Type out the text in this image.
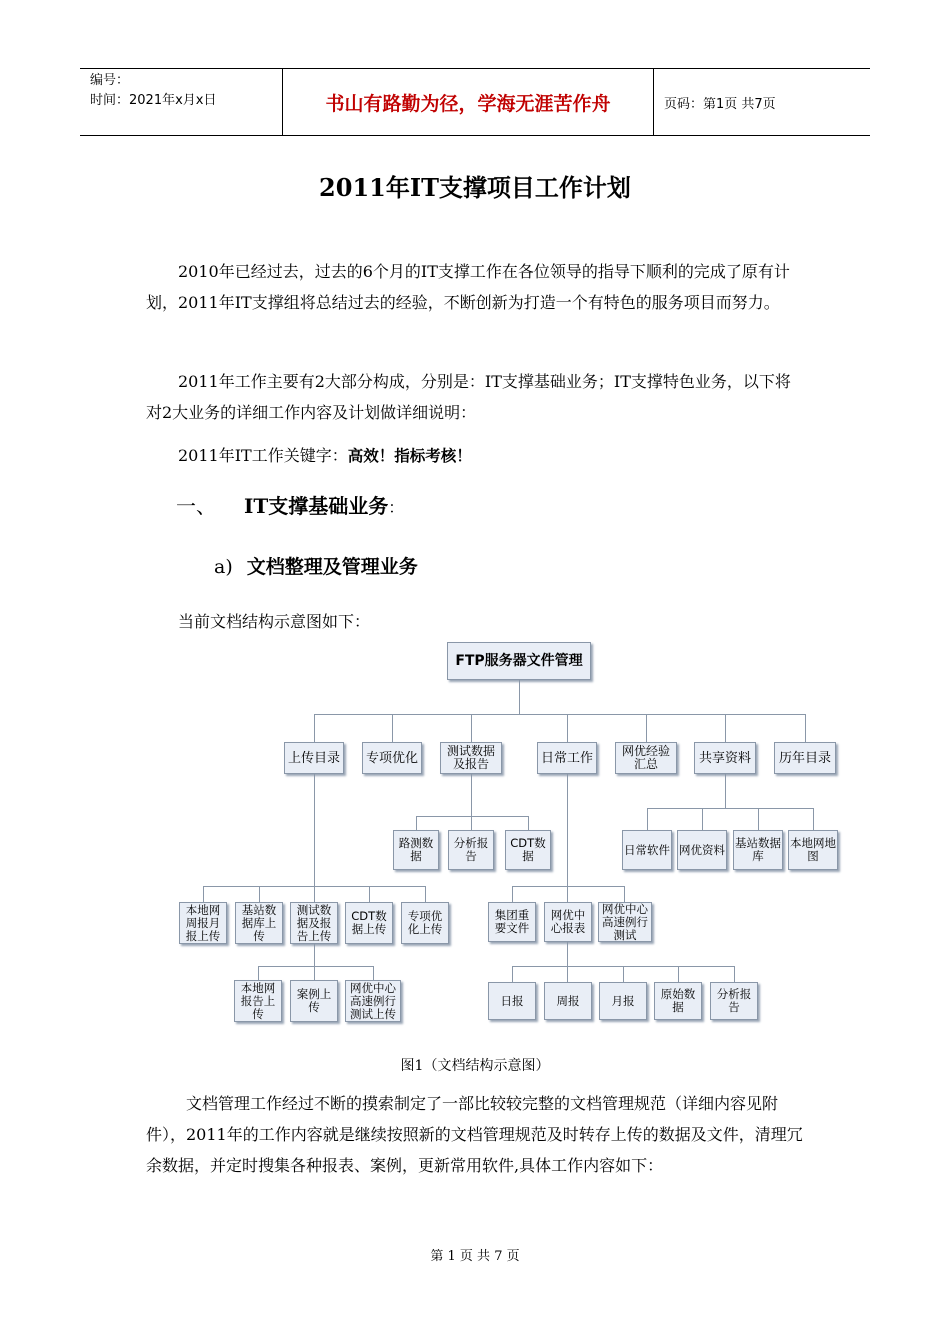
编号：
时间：2021年x月x日	书山有路勤为径，学海无涯苦作舟	页码：第1页 共7页
2011年IT支撑项目工作计划
2010年已经过去，过去的6个月的IT支撑工作在各位领导的指导下顺利的完成了原有计划，2011年IT支撑组将总结过去的经验，不断创新为打造一个有特色的服务项目而努力。
2011年工作主要有2大部分构成，分别是：IT支撑基础业务；IT支撑特色业务，以下将对2大业务的详细工作内容及计划做详细说明：
2011年IT工作关键字：高效！指标考核！
一、 IT支撑基础业务：
a) 文档整理及管理业务
当前文档结构示意图如下：
FTP服务器文件管理
上传目录	专项优化	测试数据及报告	日常工作	网优经验汇总	共享资料	历年目录
路测数据
分析报告
CDT数据	日常软件 网优资料 基站数据库
本地网地图
本地网周报月报上传
基站数据库上传
测试数据及报告上传
CDT数据上传
专项优化上传
本地网报告上传
案例上传
网优中心高速例行测试上传
集团重要文件
网优中心报表
网优中心高速例行测试
日报	周报	月报	原始数据
分析报告
图1（文档结构示意图）
文档管理工作经过不断的摸索制定了一部比较较完整的文档管理规范（详细内容见附件），2011年的工作内容就是继续按照新的文档管理规范及时转存上传的数据及文件，清理冗余数据，并定时搜集各种报表、案例，更新常用软件,具体工作内容如下：
第 1 页 共 7 页
